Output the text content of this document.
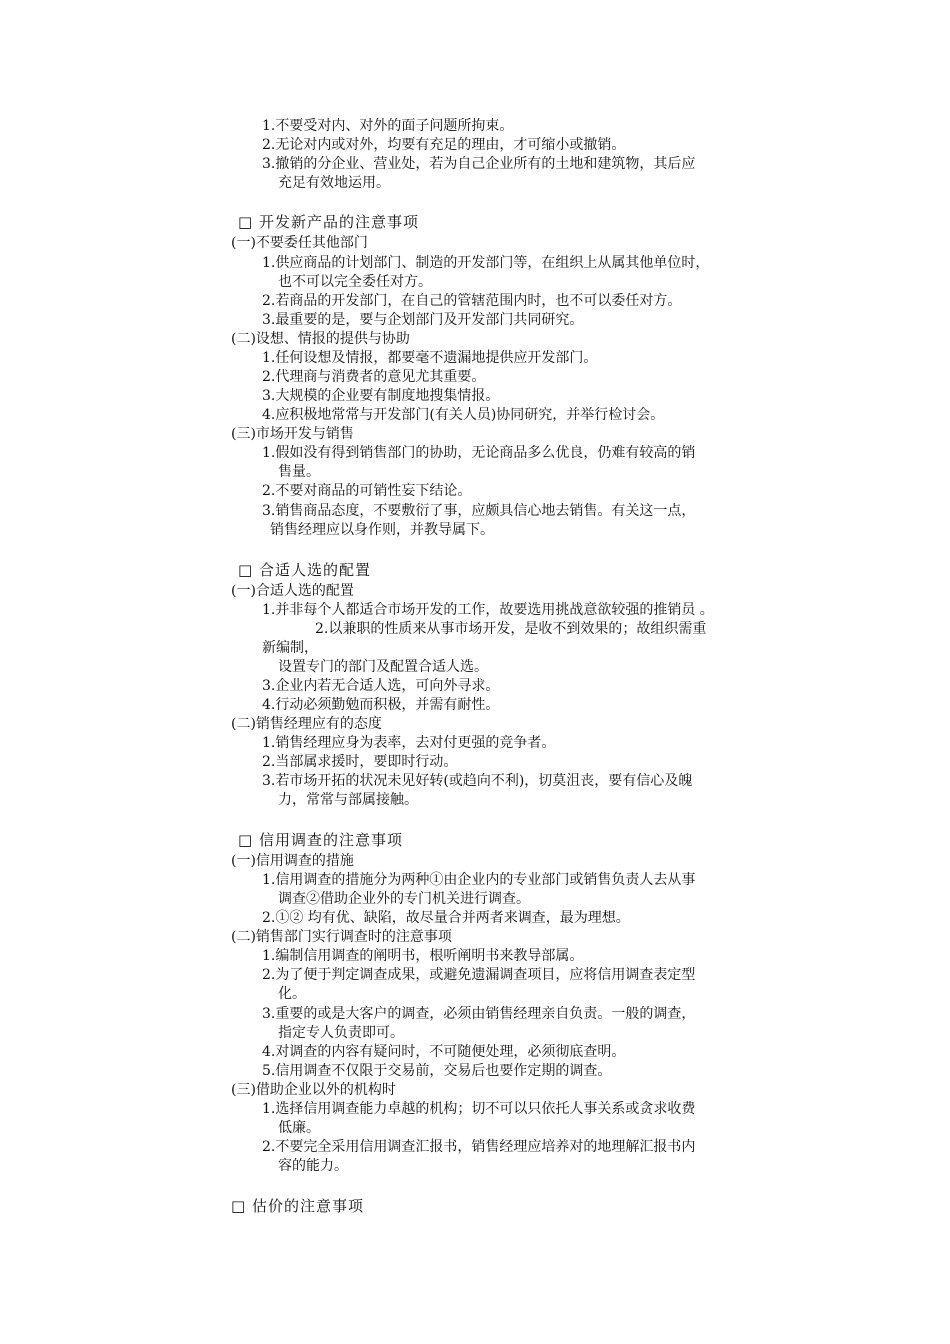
1.不要受对内、对外的面子问题所拘束。
2.无论对内或对外，均要有充足的理由，才可缩小或撤销。
3.撤销的分企业、营业处，若为自己企业所有的土地和建筑物，其后应
充足有效地运用。
□ 开发新产品的注意事项
(一)不要委任其他部门
1.供应商品的计划部门、制造的开发部门等，在组织上从属其他单位时，
也不可以完全委任对方。
2.若商品的开发部门，在自己的管辖范围内时，也不可以委任对方。
3.最重要的是，要与企划部门及开发部门共同研究。
(二)设想、情报的提供与协助
1.任何设想及情报，都要毫不遗漏地提供应开发部门。
2.代理商与消费者的意见尤其重要。
3.大规模的企业要有制度地搜集情报。
4.应积极地常常与开发部门(有关人员)协同研究，并举行检讨会。
(三)市场开发与销售
1.假如没有得到销售部门的协助，无论商品多么优良，仍难有较高的销
售量。
2.不要对商品的可销性妄下结论。
3.销售商品态度，不要敷衍了事，应颇具信心地去销售。有关这一点，
销售经理应以身作则，并教导属下。
□ 合适人选的配置
(一)合适人选的配置
1.并非每个人都适合市场开发的工作，故要选用挑战意欲较强的推销员 。
2.以兼职的性质来从事市场开发，是收不到效果的；故组织需重
新编制，
设置专门的部门及配置合适人选。
3.企业内若无合适人选，可向外寻求。
4.行动必须勤勉而积极，并需有耐性。
(二)销售经理应有的态度
1.销售经理应身为表率，去对付更强的竞争者。
2.当部属求援时，要即时行动。
3.若市场开拓的状况未见好转(或趋向不利)，切莫沮丧，要有信心及魄
力，常常与部属接触。
□ 信用调查的注意事项
(一)信用调查的措施
1.信用调查的措施分为两种①由企业内的专业部门或销售负责人去从事
调查②借助企业外的专门机关进行调查。
2.①② 均有优、缺陷，故尽量合并两者来调查，最为理想。
(二)销售部门实行调查时的注意事项
1.编制信用调查的阐明书，根听阐明书来教导部属。
2.为了便于判定调查成果，或避免遗漏调查项目，应将信用调查表定型
化。
3.重要的或是大客户的调查，必须由销售经理亲自负责。一般的调查，
指定专人负责即可。
4.对调查的内容有疑问时，不可随便处理，必须彻底查明。
5.信用调查不仅限于交易前，交易后也要作定期的调查。
(三)借助企业以外的机构时
1.选择信用调查能力卓越的机构；切不可以只依托人事关系或贪求收费
低廉。
2.不要完全采用信用调查汇报书，销售经理应培养对的地理解汇报书内
容的能力。
□ 估价的注意事项
